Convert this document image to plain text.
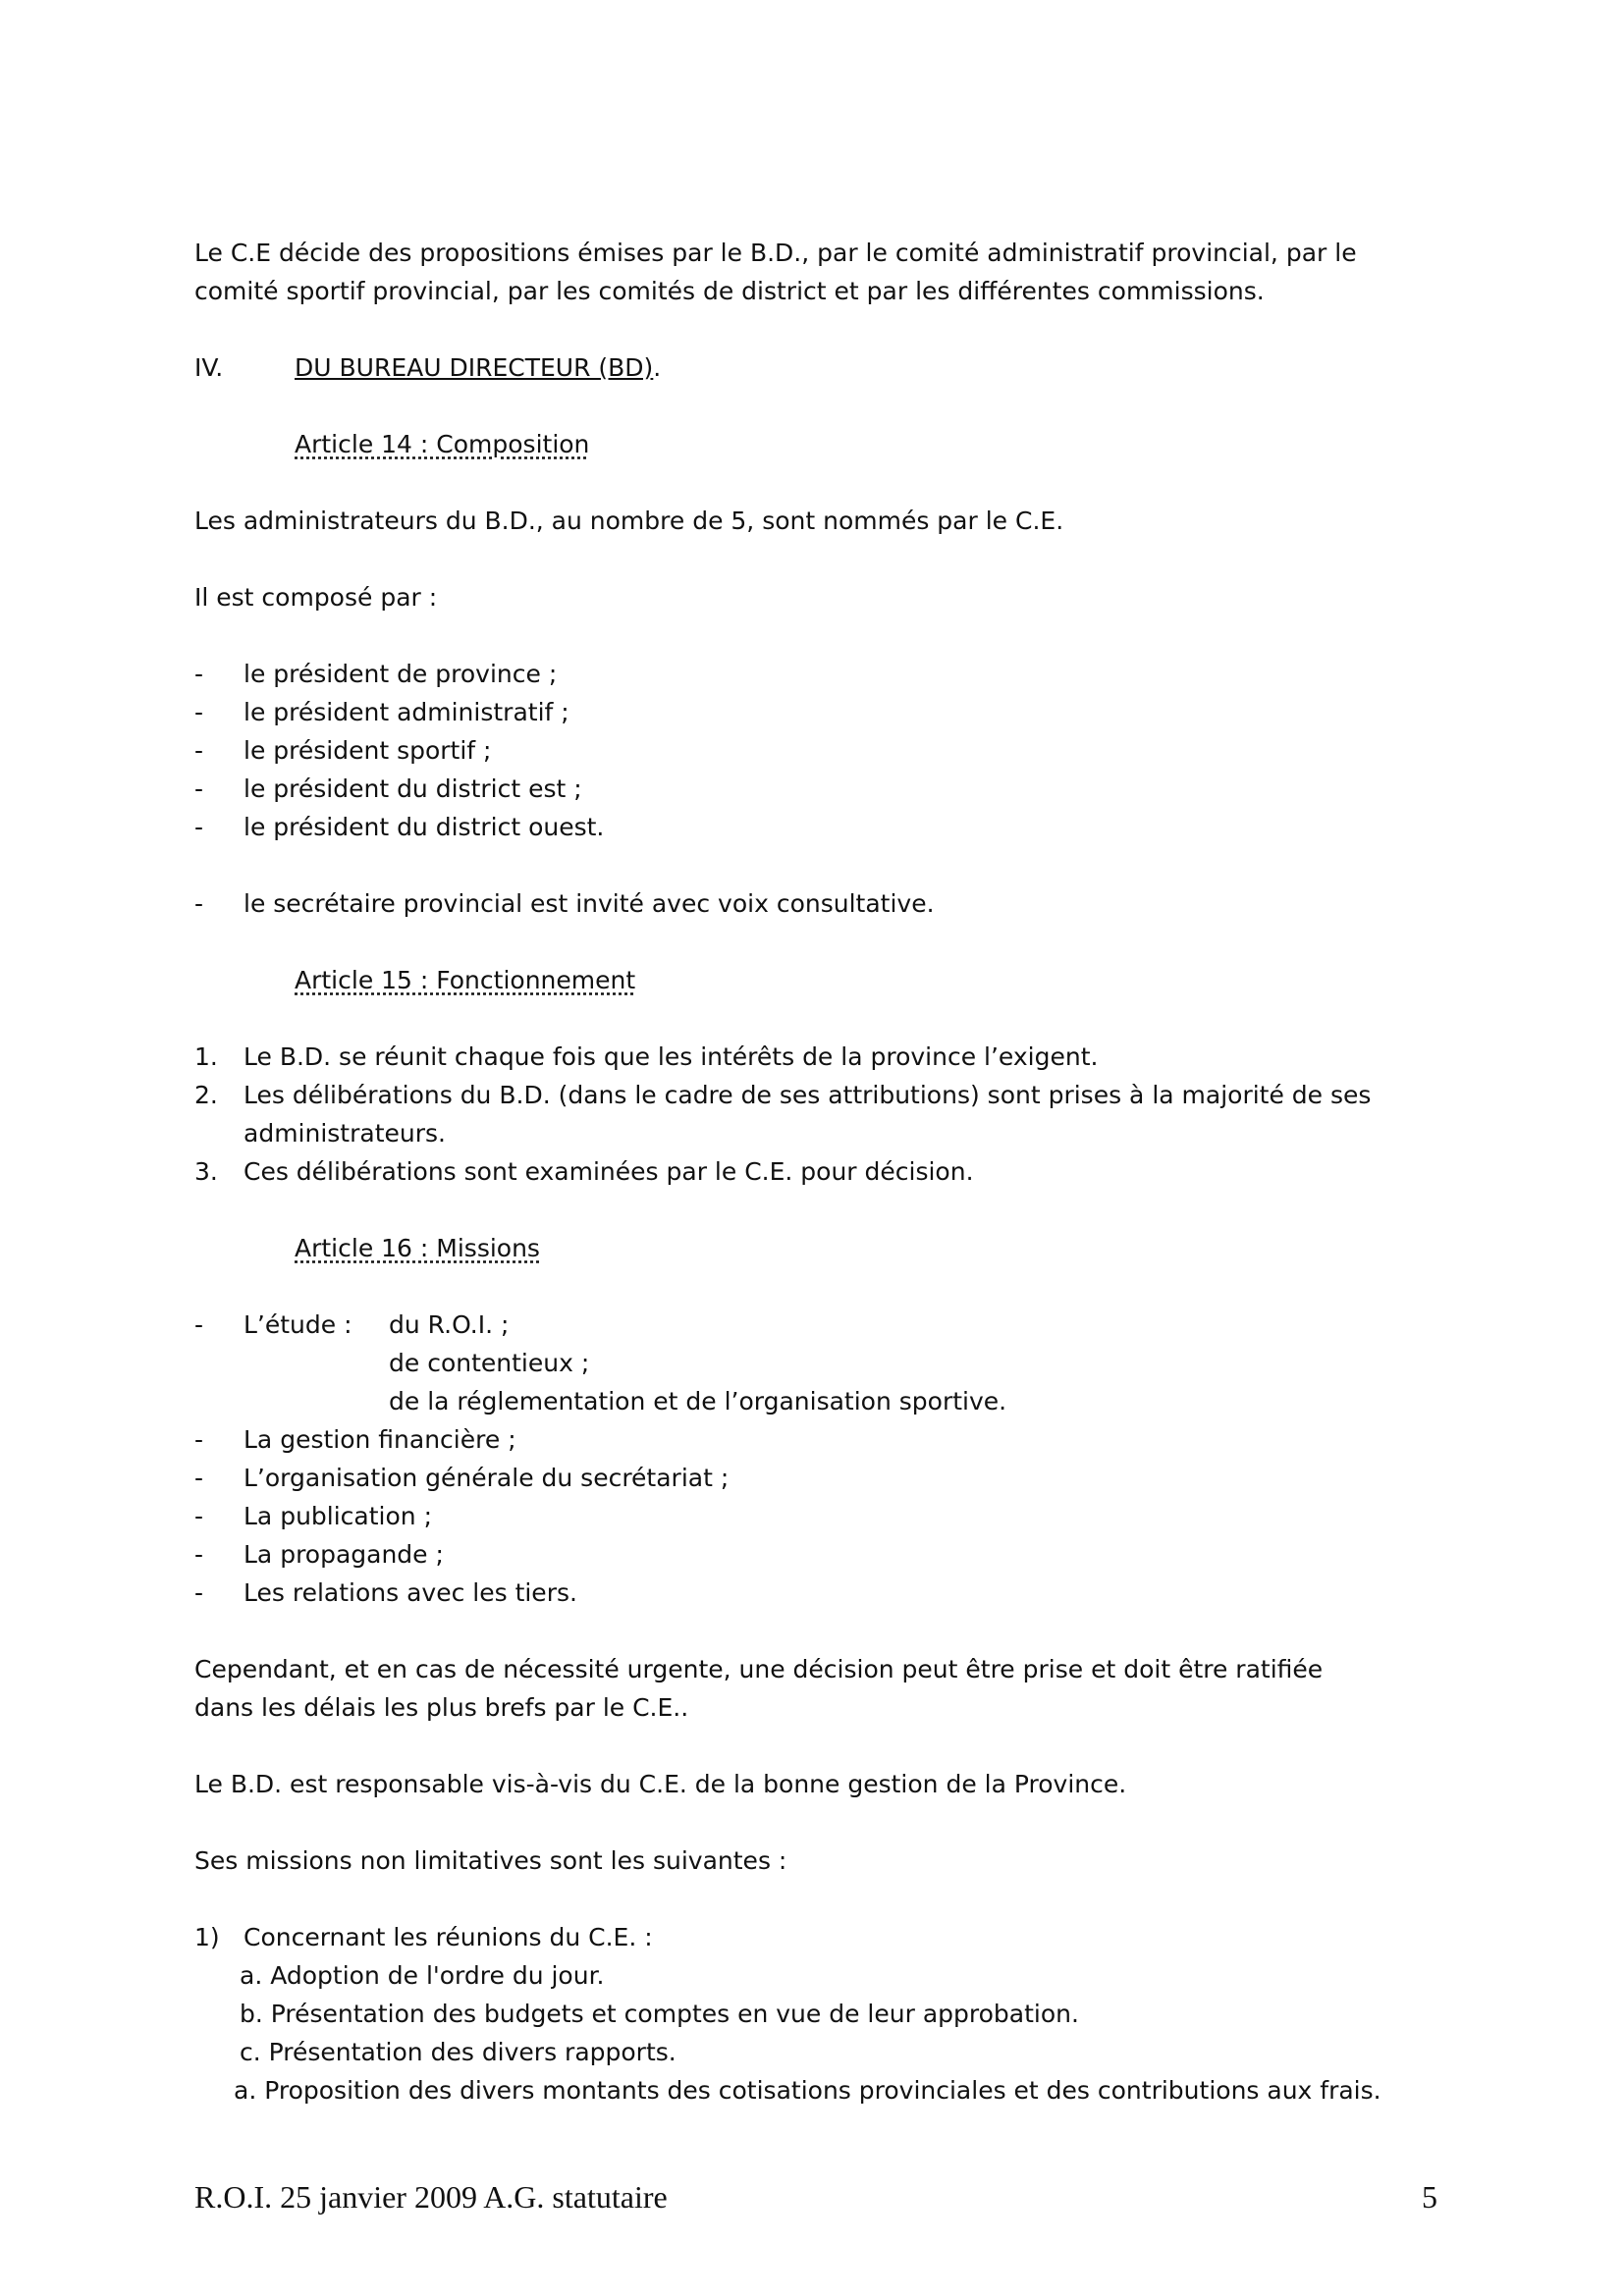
Le C.E décide des propositions émises par le B.D., par le comité administratif provincial, par le
comité sportif provincial, par les comités de district et par les différentes commissions.
IV.	DU BUREAU DIRECTEUR (BD).
Article 14 : Composition
Les administrateurs du B.D., au nombre de 5, sont nommés par le C.E.
Il est composé par :
- le président de province ;
- le président administratif ;
- le président sportif ;
- le président du district est ;
- le président du district ouest.
- le secrétaire provincial est invité avec voix consultative.
Article 15 : Fonctionnement
1. Le B.D. se réunit chaque fois que les intérêts de la province l’exigent.
2. Les délibérations du B.D. (dans le cadre de ses attributions) sont prises à la majorité de ses
administrateurs.
3. Ces délibérations sont examinées par le C.E. pour décision.
Article 16 : Missions
- L’étude : du R.O.I. ;
de contentieux ;
de la réglementation et de l’organisation sportive.
- La gestion financière ;
- L’organisation générale du secrétariat ;
- La publication ;
- La propagande ;
- Les relations avec les tiers.
Cependant, et en cas de nécessité urgente, une décision peut être prise et doit être ratifiée
dans les délais les plus brefs par le C.E..
Le B.D. est responsable vis-à-vis du C.E. de la bonne gestion de la Province.
Ses missions non limitatives sont les suivantes :
1) Concernant les réunions du C.E. :
a. Adoption de l'ordre du jour.
b. Présentation des budgets et comptes en vue de leur approbation.
c. Présentation des divers rapports.
a. Proposition des divers montants des cotisations provinciales et des contributions aux frais.
R.O.I. 25 janvier 2009 A.G. statutaire	5
